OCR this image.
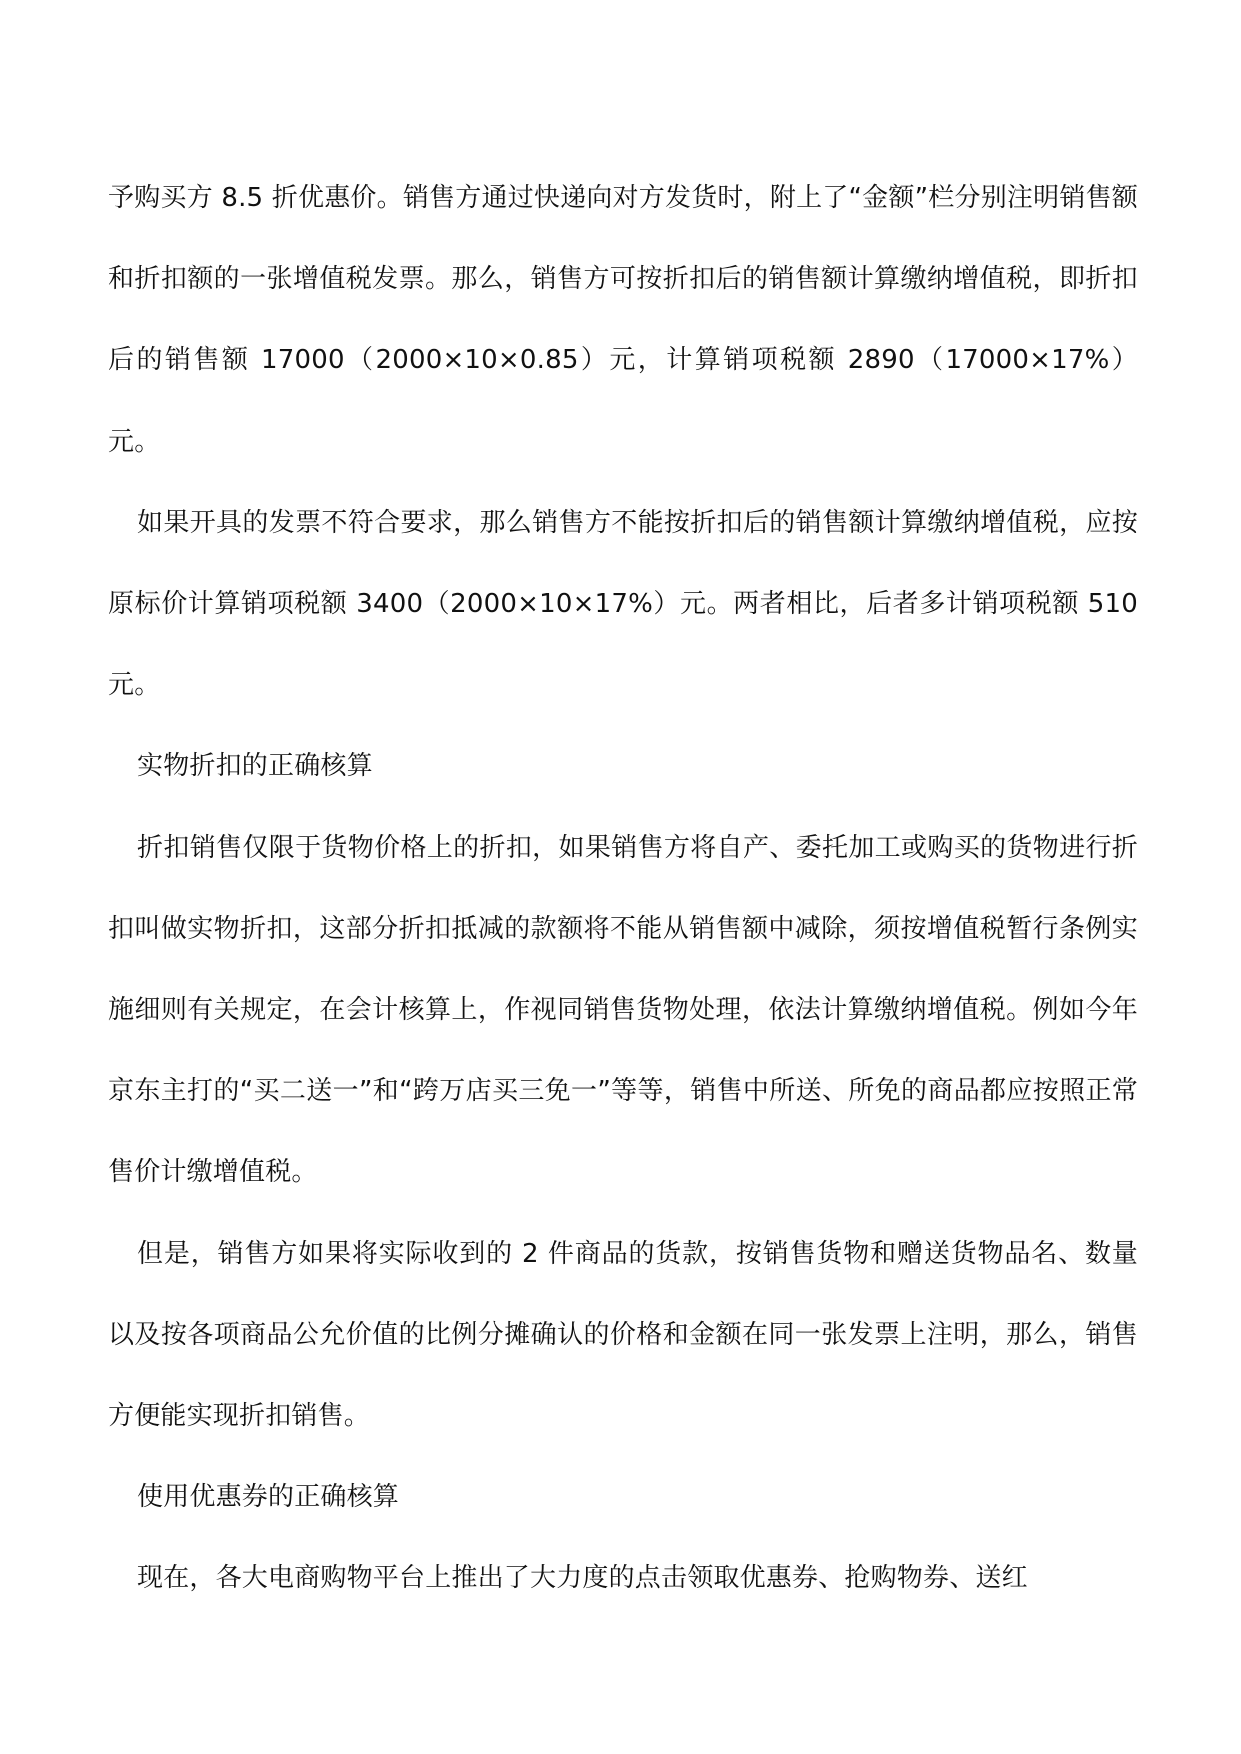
予购买方 8.5 折优惠价。销售方通过快递向对方发货时，附上了“金额”栏分别注明销售额和折扣额的一张增值税发票。那么，销售方可按折扣后的销售额计算缴纳增值税，即折扣后的销售额 17000（2000×10×0.85）元，计算销项税额 2890（17000×17%）元。

如果开具的发票不符合要求，那么销售方不能按折扣后的销售额计算缴纳增值税，应按原标价计算销项税额 3400（2000×10×17%）元。两者相比，后者多计销项税额 510 元。

实物折扣的正确核算

折扣销售仅限于货物价格上的折扣，如果销售方将自产、委托加工或购买的货物进行折扣叫做实物折扣，这部分折扣抵减的款额将不能从销售额中减除，须按增值税暂行条例实施细则有关规定，在会计核算上，作视同销售货物处理，依法计算缴纳增值税。例如今年京东主打的“买二送一”和“跨万店买三免一”等等，销售中所送、所免的商品都应按照正常售价计缴增值税。

但是，销售方如果将实际收到的 2 件商品的货款，按销售货物和赠送货物品名、数量以及按各项商品公允价值的比例分摊确认的价格和金额在同一张发票上注明，那么，销售方便能实现折扣销售。

使用优惠券的正确核算

现在，各大电商购物平台上推出了大力度的点击领取优惠券、抢购物券、送红
